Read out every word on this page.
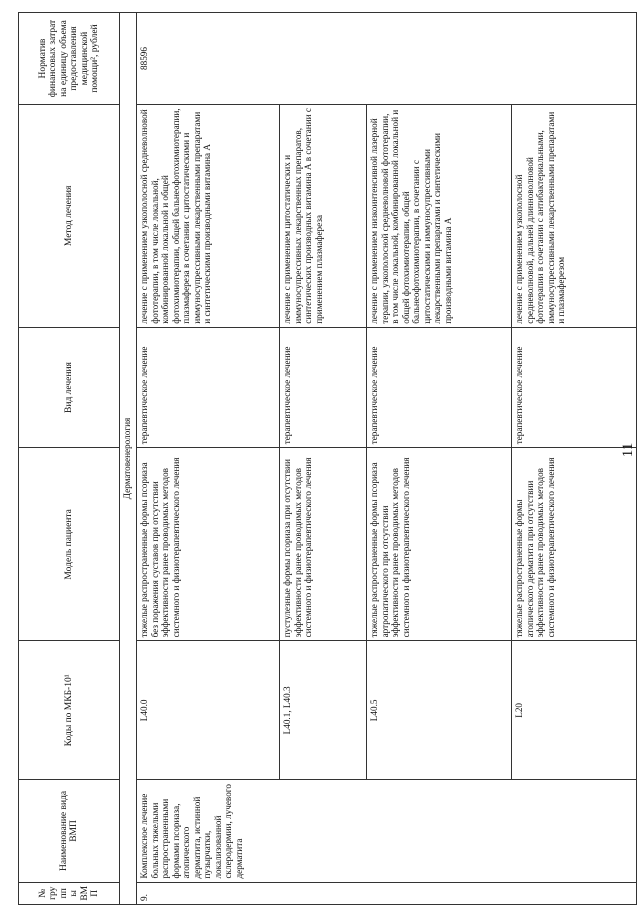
№ группы ВМП	Наименование вида ВМП	Коды по МКБ-10¹	Модель пациента	Вид лечения	Метод лечения	Норматив финансовых затрат на единицу объема предоставления медицинской помощи², рублей
Дерматовенерология						
9.	Комплексное лечение больных тяжелыми распространенными формами псориаза, атопического дерматита, истинной пузырчатки, локализованной склеродермии, лучевого дерматита	L40.0	тяжелые распространенные формы псориаза без поражения суставов при отсутствии эффективности ранее проводимых методов системного и физиотерапевтического лечения	терапевтическое лечение	лечение с применением узкополосной средневолновой фототерапии, в том числе локальной, комбинированной локальной и общей фотохимиотерапии, общей бальнеофотохимиотерапии, плазмафереза в сочетании с цитостатическими и иммуносупрессивными лекарственными препаратами и синтетическими производными витамина А	88596
		L40.1, L40.3	пустулезные формы псориаза при отсутствии эффективности ранее проводимых методов системного и физиотерапевтического лечения	терапевтическое лечение	лечение с применением цитостатических и иммуносупрессивных лекарственных препаратов, синтетических производных витамина А в сочетании с применением плазмафереза	
		L40.5	тяжелые распространенные формы псориаза артропатического при отсутствии эффективности ранее проводимых методов системного и физиотерапевтического лечения	терапевтическое лечение	лечение с применением низкоинтенсивной лазерной терапии, узкополосной средневолновой фототерапии, в том числе локальной, комбинированной локальной и общей фотохимиотерапии, общей бальнеофотохимиотерапии, в сочетании с цитостатическими и иммуносупрессивными лекарственными препаратами и синтетическими производными витамина А	
		L20	тяжелые распространенные формы атопического дерматита при отсутствии эффективности ранее проводимых методов системного и физиотерапевтического лечения	терапевтическое лечение	лечение с применением узкополосной средневолновой, дальней длинноволновой фототерапии в сочетании с антибактериальными, иммуносупрессивными лекарственными препаратами и плазмаферезом	
11
